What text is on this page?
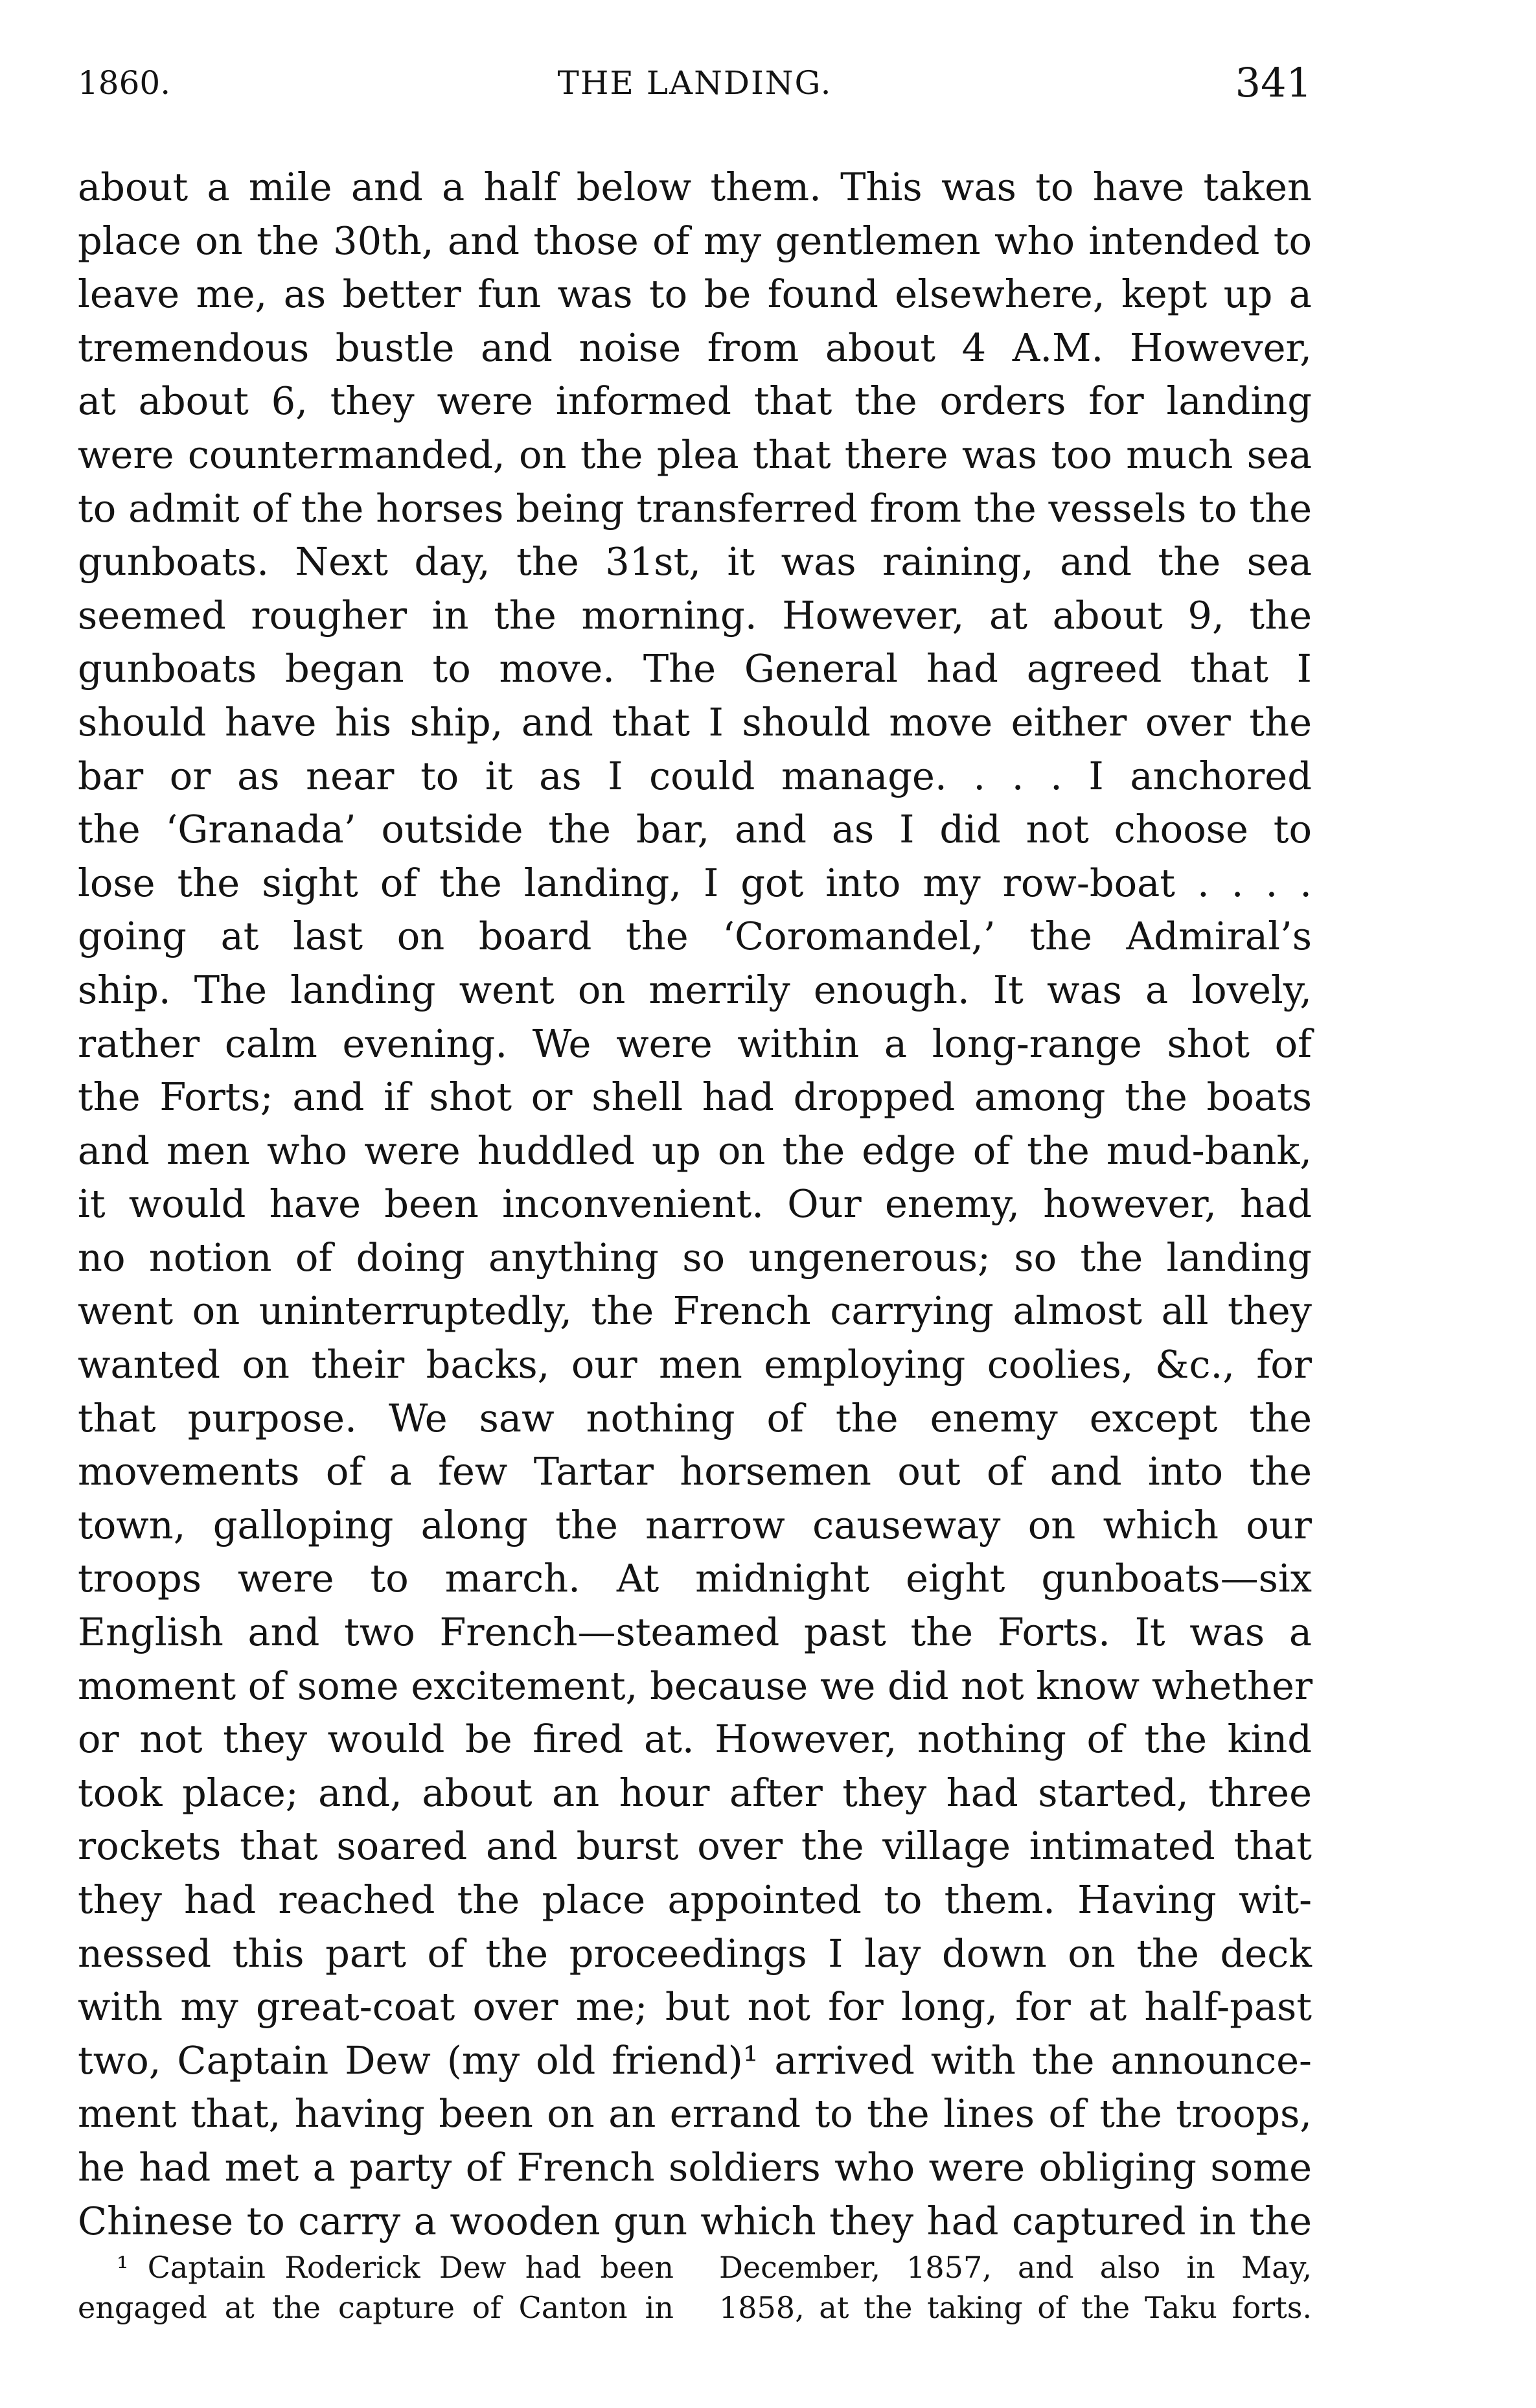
1860.	THE LANDING.	341
about a mile and a half below them. This was to have taken
place on the 30th, and those of my gentlemen who intended to
leave me, as better fun was to be found elsewhere, kept up a
tremendous bustle and noise from about 4 A.M. However,
at about 6, they were informed that the orders for landing
were countermanded, on the plea that there was too much sea
to admit of the horses being transferred from the vessels to the
gunboats. Next day, the 31st, it was raining, and the sea
seemed rougher in the morning. However, at about 9, the
gunboats began to move. The General had agreed that I
should have his ship, and that I should move either over the
bar or as near to it as I could manage. . . . I anchored
the ‘Granada’ outside the bar, and as I did not choose to
lose the sight of the landing, I got into my row-boat . . . .
going at last on board the ‘Coromandel,’ the Admiral’s
ship. The landing went on merrily enough. It was a lovely,
rather calm evening. We were within a long-range shot of
the Forts; and if shot or shell had dropped among the boats
and men who were huddled up on the edge of the mud-bank,
it would have been inconvenient. Our enemy, however, had
no notion of doing anything so ungenerous; so the landing
went on uninterruptedly, the French carrying almost all they
wanted on their backs, our men employing coolies, &c., for
that purpose. We saw nothing of the enemy except the
movements of a few Tartar horsemen out of and into the
town, galloping along the narrow causeway on which our
troops were to march. At midnight eight gunboats—six
English and two French—steamed past the Forts. It was a
moment of some excitement, because we did not know whether
or not they would be fired at. However, nothing of the kind
took place; and, about an hour after they had started, three
rockets that soared and burst over the village intimated that
they had reached the place appointed to them. Having wit-
nessed this part of the proceedings I lay down on the deck
with my great-coat over me; but not for long, for at half-past
two, Captain Dew (my old friend)¹ arrived with the announce-
ment that, having been on an errand to the lines of the troops,
he had met a party of French soldiers who were obliging some
Chinese to carry a wooden gun which they had captured in the
¹ Captain Roderick Dew had been
engaged at the capture of Canton in
December, 1857, and also in May,
1858, at the taking of the Taku forts.
